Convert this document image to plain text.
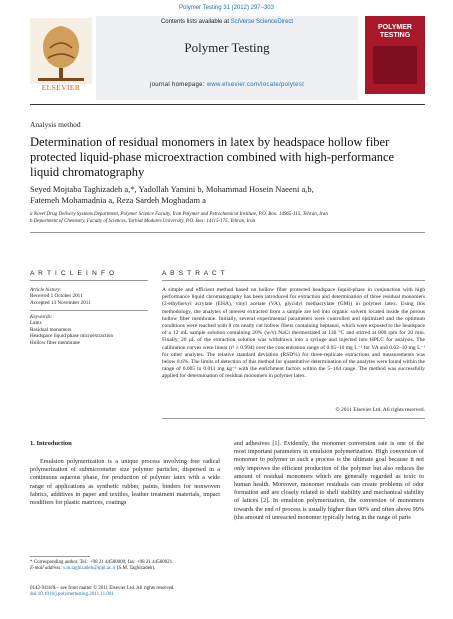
Polymer Testing 31 (2012) 297–303
ELSEVIER
Contents lists available at SciVerse ScienceDirect
Polymer Testing
journal homepage: www.elsevier.com/locate/polytest
POLYMER TESTING
Analysis method
Determination of residual monomers in latex by headspace hollow fiber protected liquid-phase microextraction combined with high-performance liquid chromatography
Seyed Mojtaba Taghizadeh a,*, Yadollah Yamini b, Mohammad Hosein Naeeni a,b,
Fatemeh Mohamadnia a, Reza Sardeh Moghadam a
a Novel Drug Delivery Systems Department, Polymer Science Faculty, Iran Polymer and Petrochemical Institute, P.O. Box: 14965-115, Tehran, Iran
b Department of Chemistry, Faculty of Sciences, Tarbiat Modares University, P.O. Box: 14115-175, Tehran, Iran
A R T I C L E I N F O	A B S T R A C T
Article history:
Received 1 October 2011
Accepted 13 November 2011
Keywords:
Latex
Residual monomers
Headspace liquid phase microextraction
Hollow fiber membrane
A simple and efficient method based on hollow fiber protected headspace liquid-phase in conjunction with high performance liquid chromatography has been introduced for extraction and determination of three residual monomers (2-ethylhexyl acrylate (EHA), vinyl acetate (VA), glycidyl methacrylate (GM)) in polymer latex. Using this methodology, the analytes of interest extracted from a sample are led into organic solvent located inside the porous hollow fiber membrane. Initially, several experimental parameters were controlled and optimized and the optimum conditions were reached with 8 cm neatly cut hollow fibers containing heptanol, which were exposed to the headspace of a 12 mL sample solution containing 20% (w/v) NaCl thermostated at 130 °C and stirred at 800 rpm for 20 min. Finally, 20 μL of the extraction solution was withdrawn into a syringe and injected into HPLC for analysis. The calibration curves were linear (r² ≥ 0.994) over the concentration range of 0.05–10 mg L⁻¹ for VA and 0.02–10 mg L⁻¹ for other analytes. The relative standard deviation (RSD%) for three-replicate extractions and measurements was below 8.6%. The limits of detection of this method for quantitative determination of the analytes were found within the range of 0.005 to 0.011 mg kg⁻¹ with the enrichment factors within the 5–164 range. The method was successfully applied for determination of residual monomers in polymer latex.
© 2011 Elsevier Ltd. All rights reserved.
1. Introduction
Emulsion polymerization is a unique process involving free radical polymerization of submicrometer size polymer particles, dispersed in a continuous aqueous phase, for production of polymer latex with a wide range of applications as synthetic rubber, paints, binders for nonwoven fabrics, additives in paper and textiles, leather treatment materials, impact modifiers for plastic matrices, coatings
and adhesives [1]. Evidently, the monomer conversion rate is one of the most important parameters in emulsion polymerization. High conversion of monomer to polymer in such a process is the ultimate goal because it not only improves the efficient production of the polymer but also reduces the amount of residual monomers which are generally regarded as toxic to human health. Moreover, monomer residuals can create problems of odor formation and are closely related to shelf stability and mechanical stability of latices [2]. In emulsion polymerization, the conversion of monomers towards the end of process is usually higher than 90% and often above 99% (the amount of unreacted monomer typically being in the range of parts
* Corresponding author. Tel.: +98 21 44580000; fax: +98 21 44580021.
E-mail address: s.m.taghizadeh@ippi.ac.ir (S.M. Taghizadeh).
0142-9418/$ – see front matter © 2011 Elsevier Ltd. All rights reserved.
doi:10.1016/j.polymertesting.2011.11.001
